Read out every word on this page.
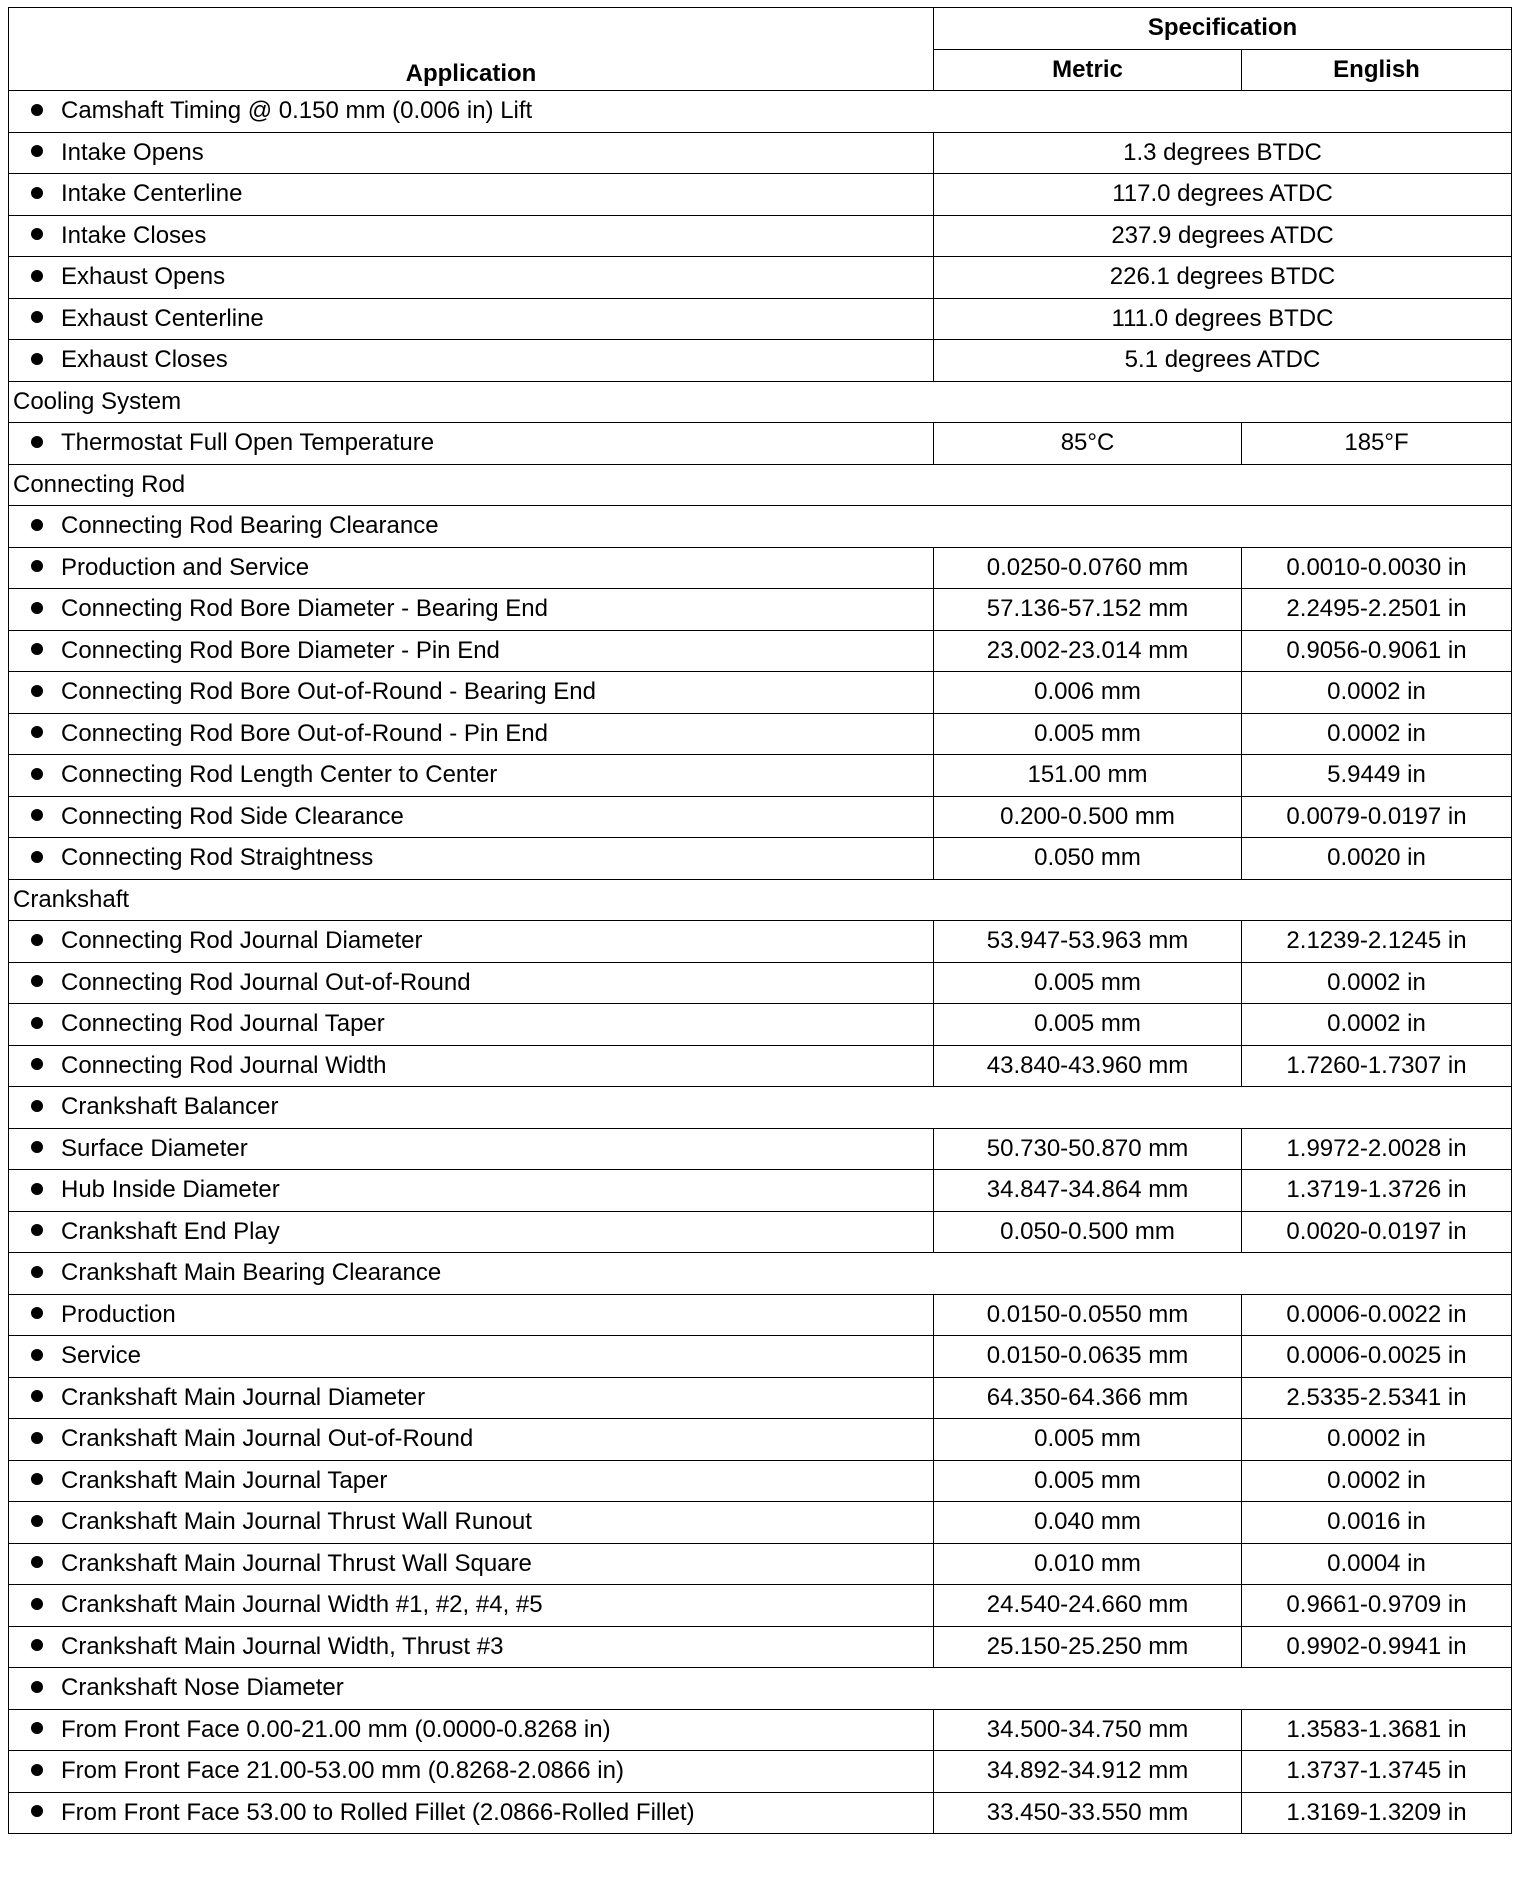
Application	Specification	
	Metric	English
Camshaft Timing @ 0.150 mm (0.006 in) Lift		
Intake Opens	1.3 degrees BTDC	
Intake Centerline	117.0 degrees ATDC	
Intake Closes	237.9 degrees ATDC	
Exhaust Opens	226.1 degrees BTDC	
Exhaust Centerline	111.0 degrees BTDC	
Exhaust Closes	5.1 degrees ATDC	
Cooling System		
Thermostat Full Open Temperature	85°C	185°F
Connecting Rod		
Connecting Rod Bearing Clearance		
Production and Service	0.0250-0.0760 mm	0.0010-0.0030 in
Connecting Rod Bore Diameter - Bearing End	57.136-57.152 mm	2.2495-2.2501 in
Connecting Rod Bore Diameter - Pin End	23.002-23.014 mm	0.9056-0.9061 in
Connecting Rod Bore Out-of-Round - Bearing End	0.006 mm	0.0002 in
Connecting Rod Bore Out-of-Round - Pin End	0.005 mm	0.0002 in
Connecting Rod Length Center to Center	151.00 mm	5.9449 in
Connecting Rod Side Clearance	0.200-0.500 mm	0.0079-0.0197 in
Connecting Rod Straightness	0.050 mm	0.0020 in
Crankshaft		
Connecting Rod Journal Diameter	53.947-53.963 mm	2.1239-2.1245 in
Connecting Rod Journal Out-of-Round	0.005 mm	0.0002 in
Connecting Rod Journal Taper	0.005 mm	0.0002 in
Connecting Rod Journal Width	43.840-43.960 mm	1.7260-1.7307 in
Crankshaft Balancer		
Surface Diameter	50.730-50.870 mm	1.9972-2.0028 in
Hub Inside Diameter	34.847-34.864 mm	1.3719-1.3726 in
Crankshaft End Play	0.050-0.500 mm	0.0020-0.0197 in
Crankshaft Main Bearing Clearance		
Production	0.0150-0.0550 mm	0.0006-0.0022 in
Service	0.0150-0.0635 mm	0.0006-0.0025 in
Crankshaft Main Journal Diameter	64.350-64.366 mm	2.5335-2.5341 in
Crankshaft Main Journal Out-of-Round	0.005 mm	0.0002 in
Crankshaft Main Journal Taper	0.005 mm	0.0002 in
Crankshaft Main Journal Thrust Wall Runout	0.040 mm	0.0016 in
Crankshaft Main Journal Thrust Wall Square	0.010 mm	0.0004 in
Crankshaft Main Journal Width #1, #2, #4, #5	24.540-24.660 mm	0.9661-0.9709 in
Crankshaft Main Journal Width, Thrust #3	25.150-25.250 mm	0.9902-0.9941 in
Crankshaft Nose Diameter		
From Front Face 0.00-21.00 mm (0.0000-0.8268 in)	34.500-34.750 mm	1.3583-1.3681 in
From Front Face 21.00-53.00 mm (0.8268-2.0866 in)	34.892-34.912 mm	1.3737-1.3745 in
From Front Face 53.00 to Rolled Fillet (2.0866-Rolled Fillet)	33.450-33.550 mm	1.3169-1.3209 in
